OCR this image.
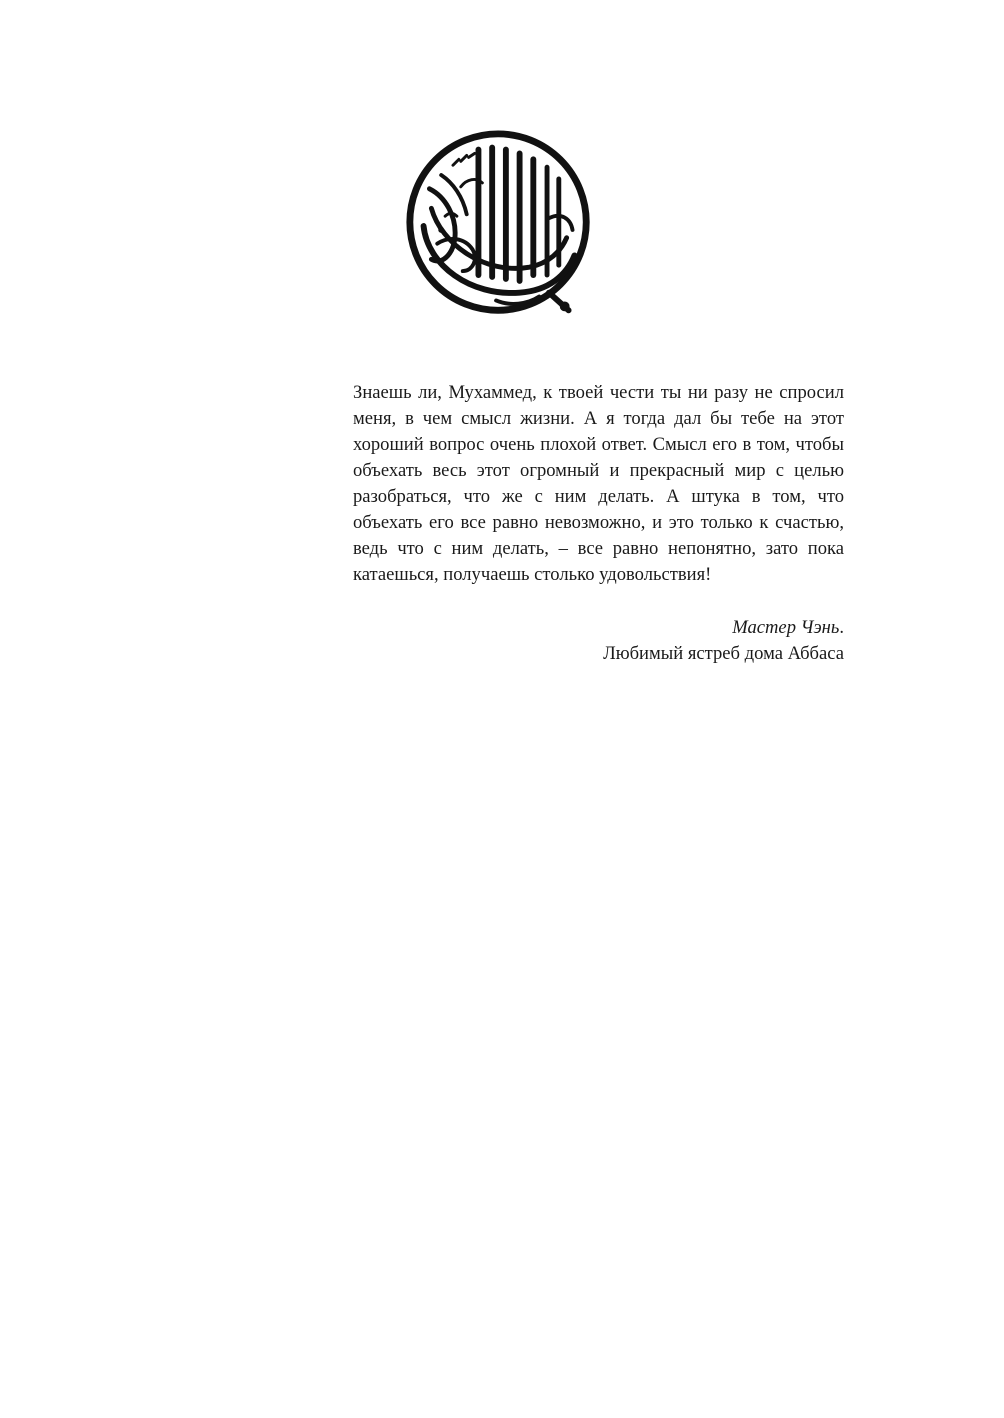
Знаешь ли, Мухаммед, к твоей чести ты ни разу не спросил меня, в чем смысл жизни. А я тогда дал бы тебе на этот хороший вопрос очень плохой ответ. Смысл его в том, чтобы объехать весь этот огромный и прекрасный мир с целью разобраться, что же с ним делать. А штука в том, что объехать его все равно невозможно, и это только к счастью, ведь что с ним делать, – все равно непонятно, зато пока катаешься, получаешь столько удовольствия!

Мастер Чэнь.
Любимый ястреб дома Аббаса
